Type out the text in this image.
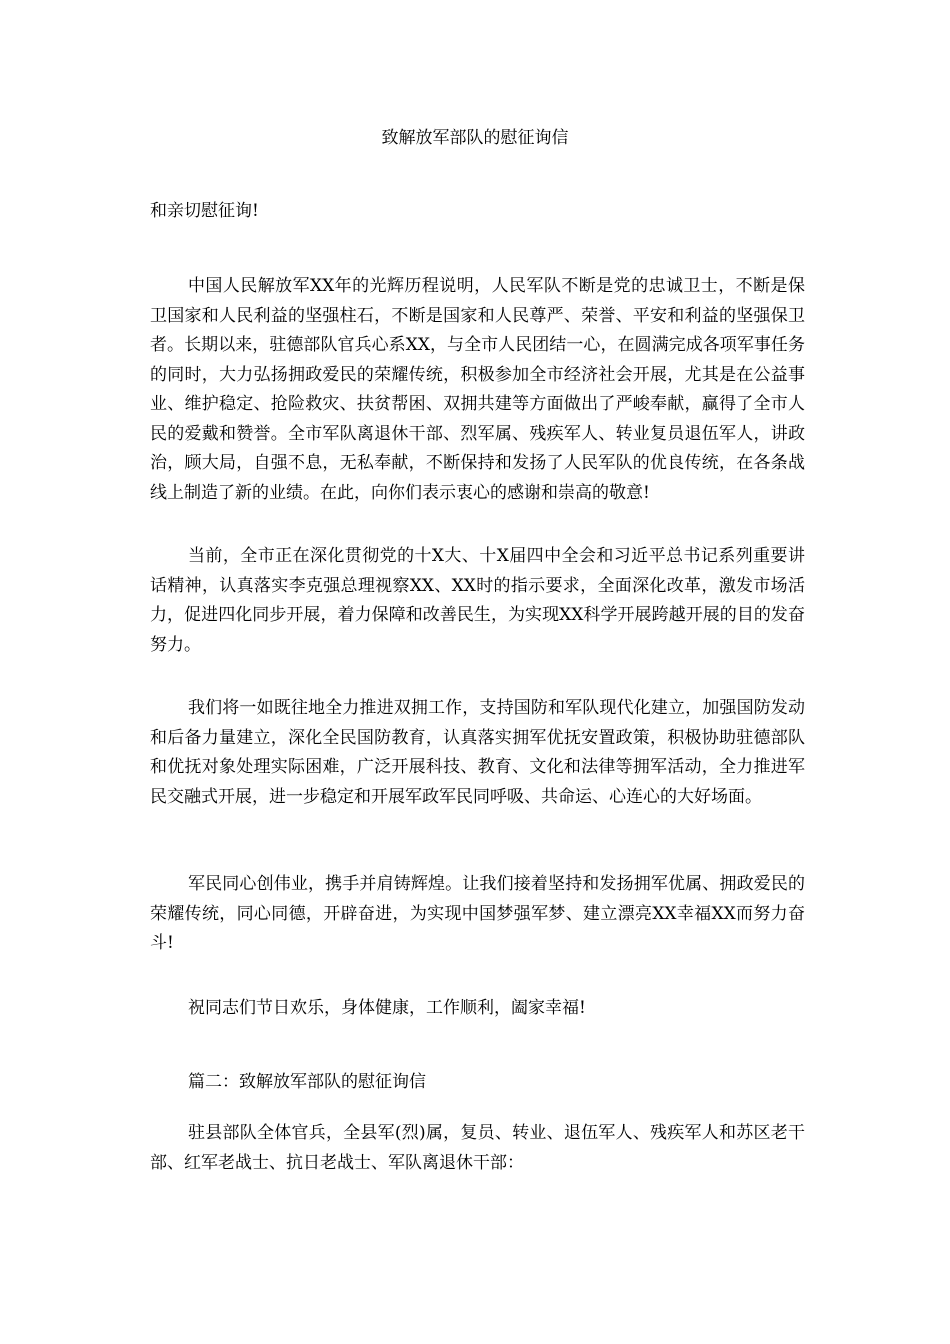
致解放军部队的慰征询信

和亲切慰征询!

中国人民解放军XX年的光辉历程说明，人民军队不断是党的忠诚卫士，不断是保卫国家和人民利益的坚强柱石，不断是国家和人民尊严、荣誉、平安和利益的坚强保卫者。长期以来，驻德部队官兵心系XX，与全市人民团结一心，在圆满完成各项军事任务的同时，大力弘扬拥政爱民的荣耀传统，积极参加全市经济社会开展，尤其是在公益事业、维护稳定、抢险救灾、扶贫帮困、双拥共建等方面做出了严峻奉献，赢得了全市人民的爱戴和赞誉。全市军队离退休干部、烈军属、残疾军人、转业复员退伍军人，讲政治，顾大局，自强不息，无私奉献，不断保持和发扬了人民军队的优良传统，在各条战线上制造了新的业绩。在此，向你们表示衷心的感谢和崇高的敬意!

当前，全市正在深化贯彻党的十X大、十X届四中全会和习近平总书记系列重要讲话精神，认真落实李克强总理视察XX、XX时的指示要求，全面深化改革，激发市场活力，促进四化同步开展，着力保障和改善民生，为实现XX科学开展跨越开展的目的发奋努力。

我们将一如既往地全力推进双拥工作，支持国防和军队现代化建立，加强国防发动和后备力量建立，深化全民国防教育，认真落实拥军优抚安置政策，积极协助驻德部队和优抚对象处理实际困难，广泛开展科技、教育、文化和法律等拥军活动，全力推进军民交融式开展，进一步稳定和开展军政军民同呼吸、共命运、心连心的大好场面。

军民同心创伟业，携手并肩铸辉煌。让我们接着坚持和发扬拥军优属、拥政爱民的荣耀传统，同心同德，开辟奋进，为实现中国梦强军梦、建立漂亮XX幸福XX而努力奋斗!

祝同志们节日欢乐，身体健康，工作顺利，阖家幸福!

篇二：致解放军部队的慰征询信

驻县部队全体官兵，全县军(烈)属，复员、转业、退伍军人、残疾军人和苏区老干部、红军老战士、抗日老战士、军队离退休干部：
